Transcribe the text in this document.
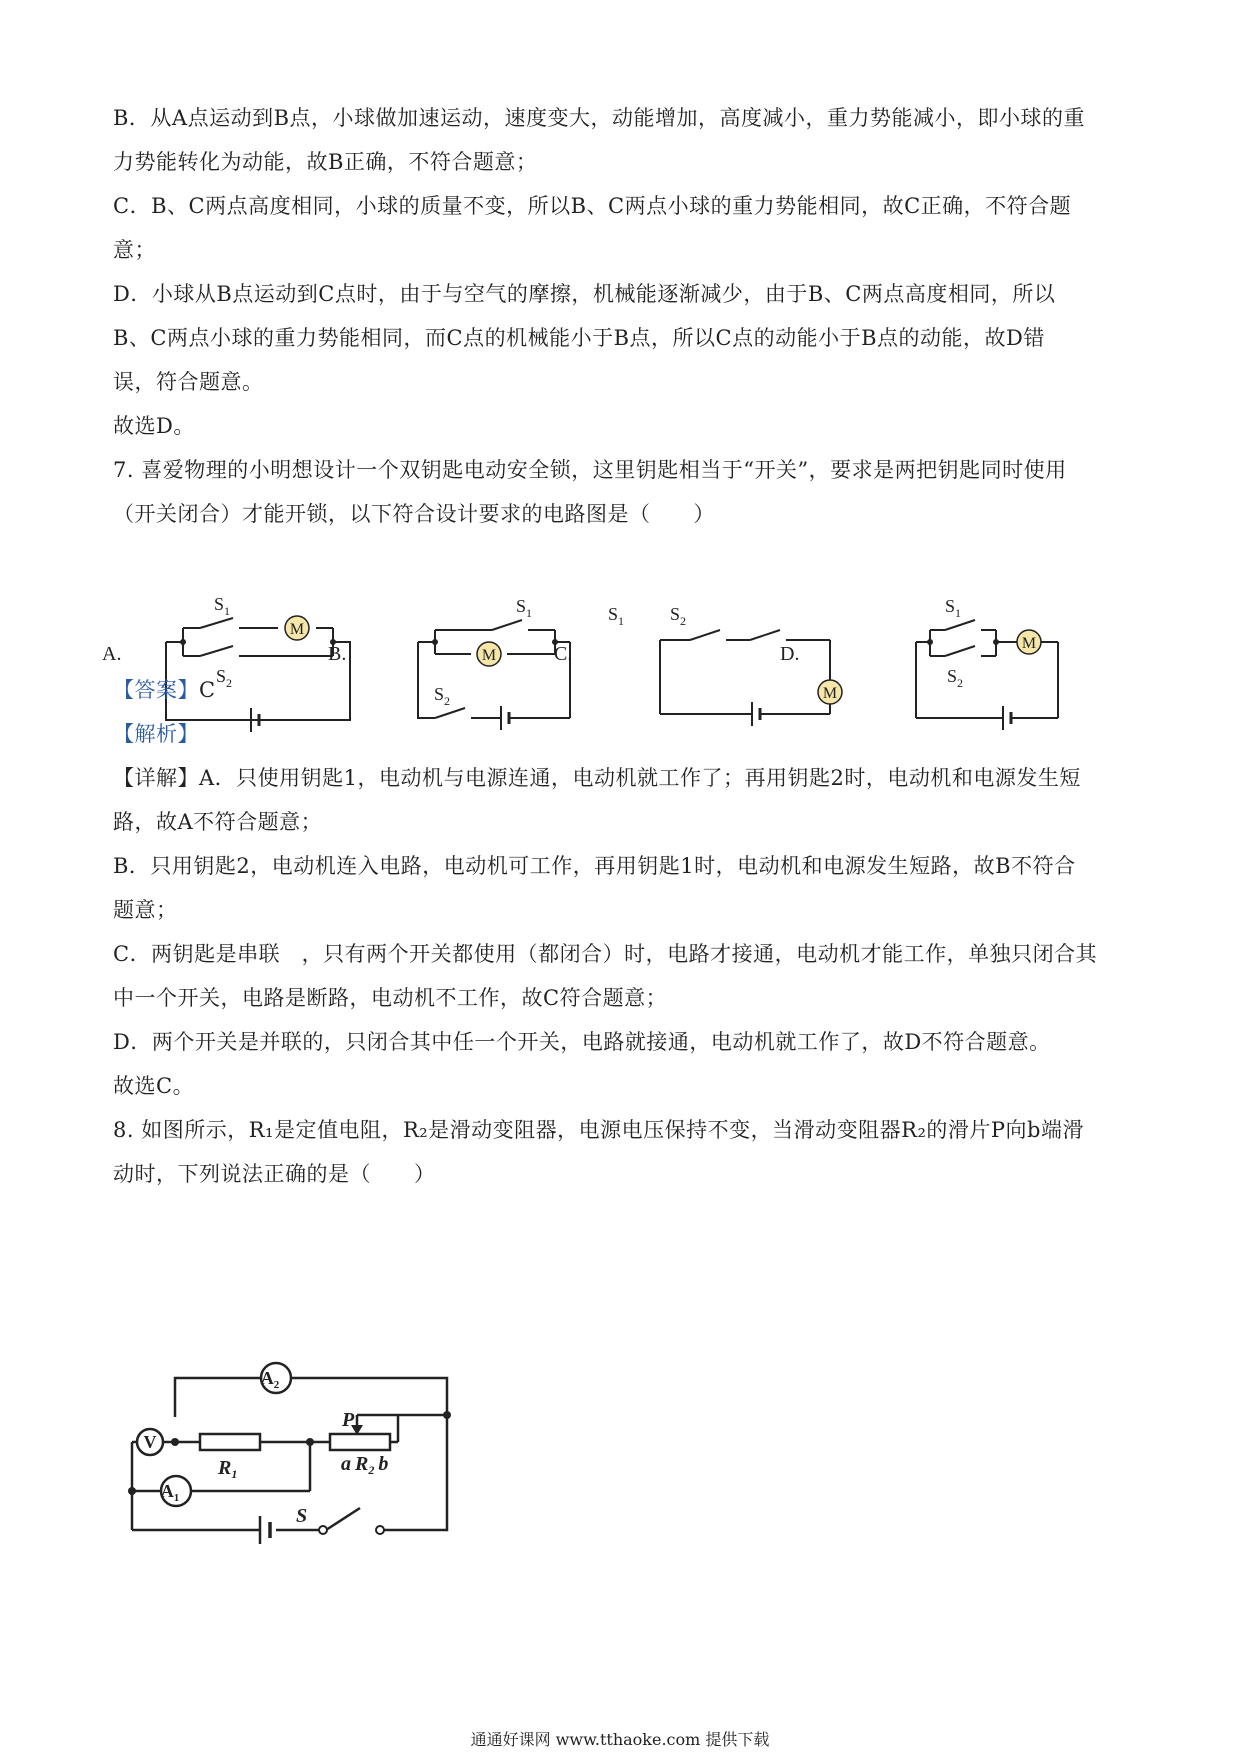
B．从A点运动到B点，小球做加速运动，速度变大，动能增加，高度减小，重力势能减小，即小球的重
力势能转化为动能，故B正确，不符合题意；
C．B、C两点高度相同，小球的质量不变，所以B、C两点小球的重力势能相同，故C正确，不符合题
意；
D．小球从B点运动到C点时，由于与空气的摩擦，机械能逐渐减少，由于B、C两点高度相同，所以
B、C两点小球的重力势能相同，而C点的机械能小于B点，所以C点的动能小于B点的动能，故D错
误，符合题意。
故选D。
7. 喜爱物理的小明想设计一个双钥匙电动安全锁，这里钥匙相当于“开关”，要求是两把钥匙同时使用
（开关闭合）才能开锁，以下符合设计要求的电路图是（　　）
M
M
M
M
$S_1$
$S_2$
$S_1$
$S_2$
$S_1$	$S_2$
$S_1$
$S_2$
A.	B.	C.	D.
【答案】C
【解析】
【详解】A．只使用钥匙1，电动机与电源连通，电动机就工作了；再用钥匙2时，电动机和电源发生短
路，故A不符合题意；
B．只用钥匙2，电动机连入电路，电动机可工作，再用钥匙1时，电动机和电源发生短路，故B不符合
题意；
C．两钥匙是串联　，只有两个开关都使用（都闭合）时，电路才接通，电动机才能工作，单独只闭合其
中一个开关，电路是断路，电动机不工作，故C符合题意；
D．两个开关是并联的，只闭合其中任一个开关，电路就接通，电动机就工作了，故D不符合题意。
故选C。
8. 如图所示，R₁是定值电阻，R₂是滑动变阻器，电源电压保持不变，当滑动变阻器R₂的滑片P向b端滑
动时，下列说法正确的是（　　）
V
$A_2$
$A_1$
$R_1$	a $R_2$ b
P
S
通通好课网 www.tthaoke.com 提供下载
